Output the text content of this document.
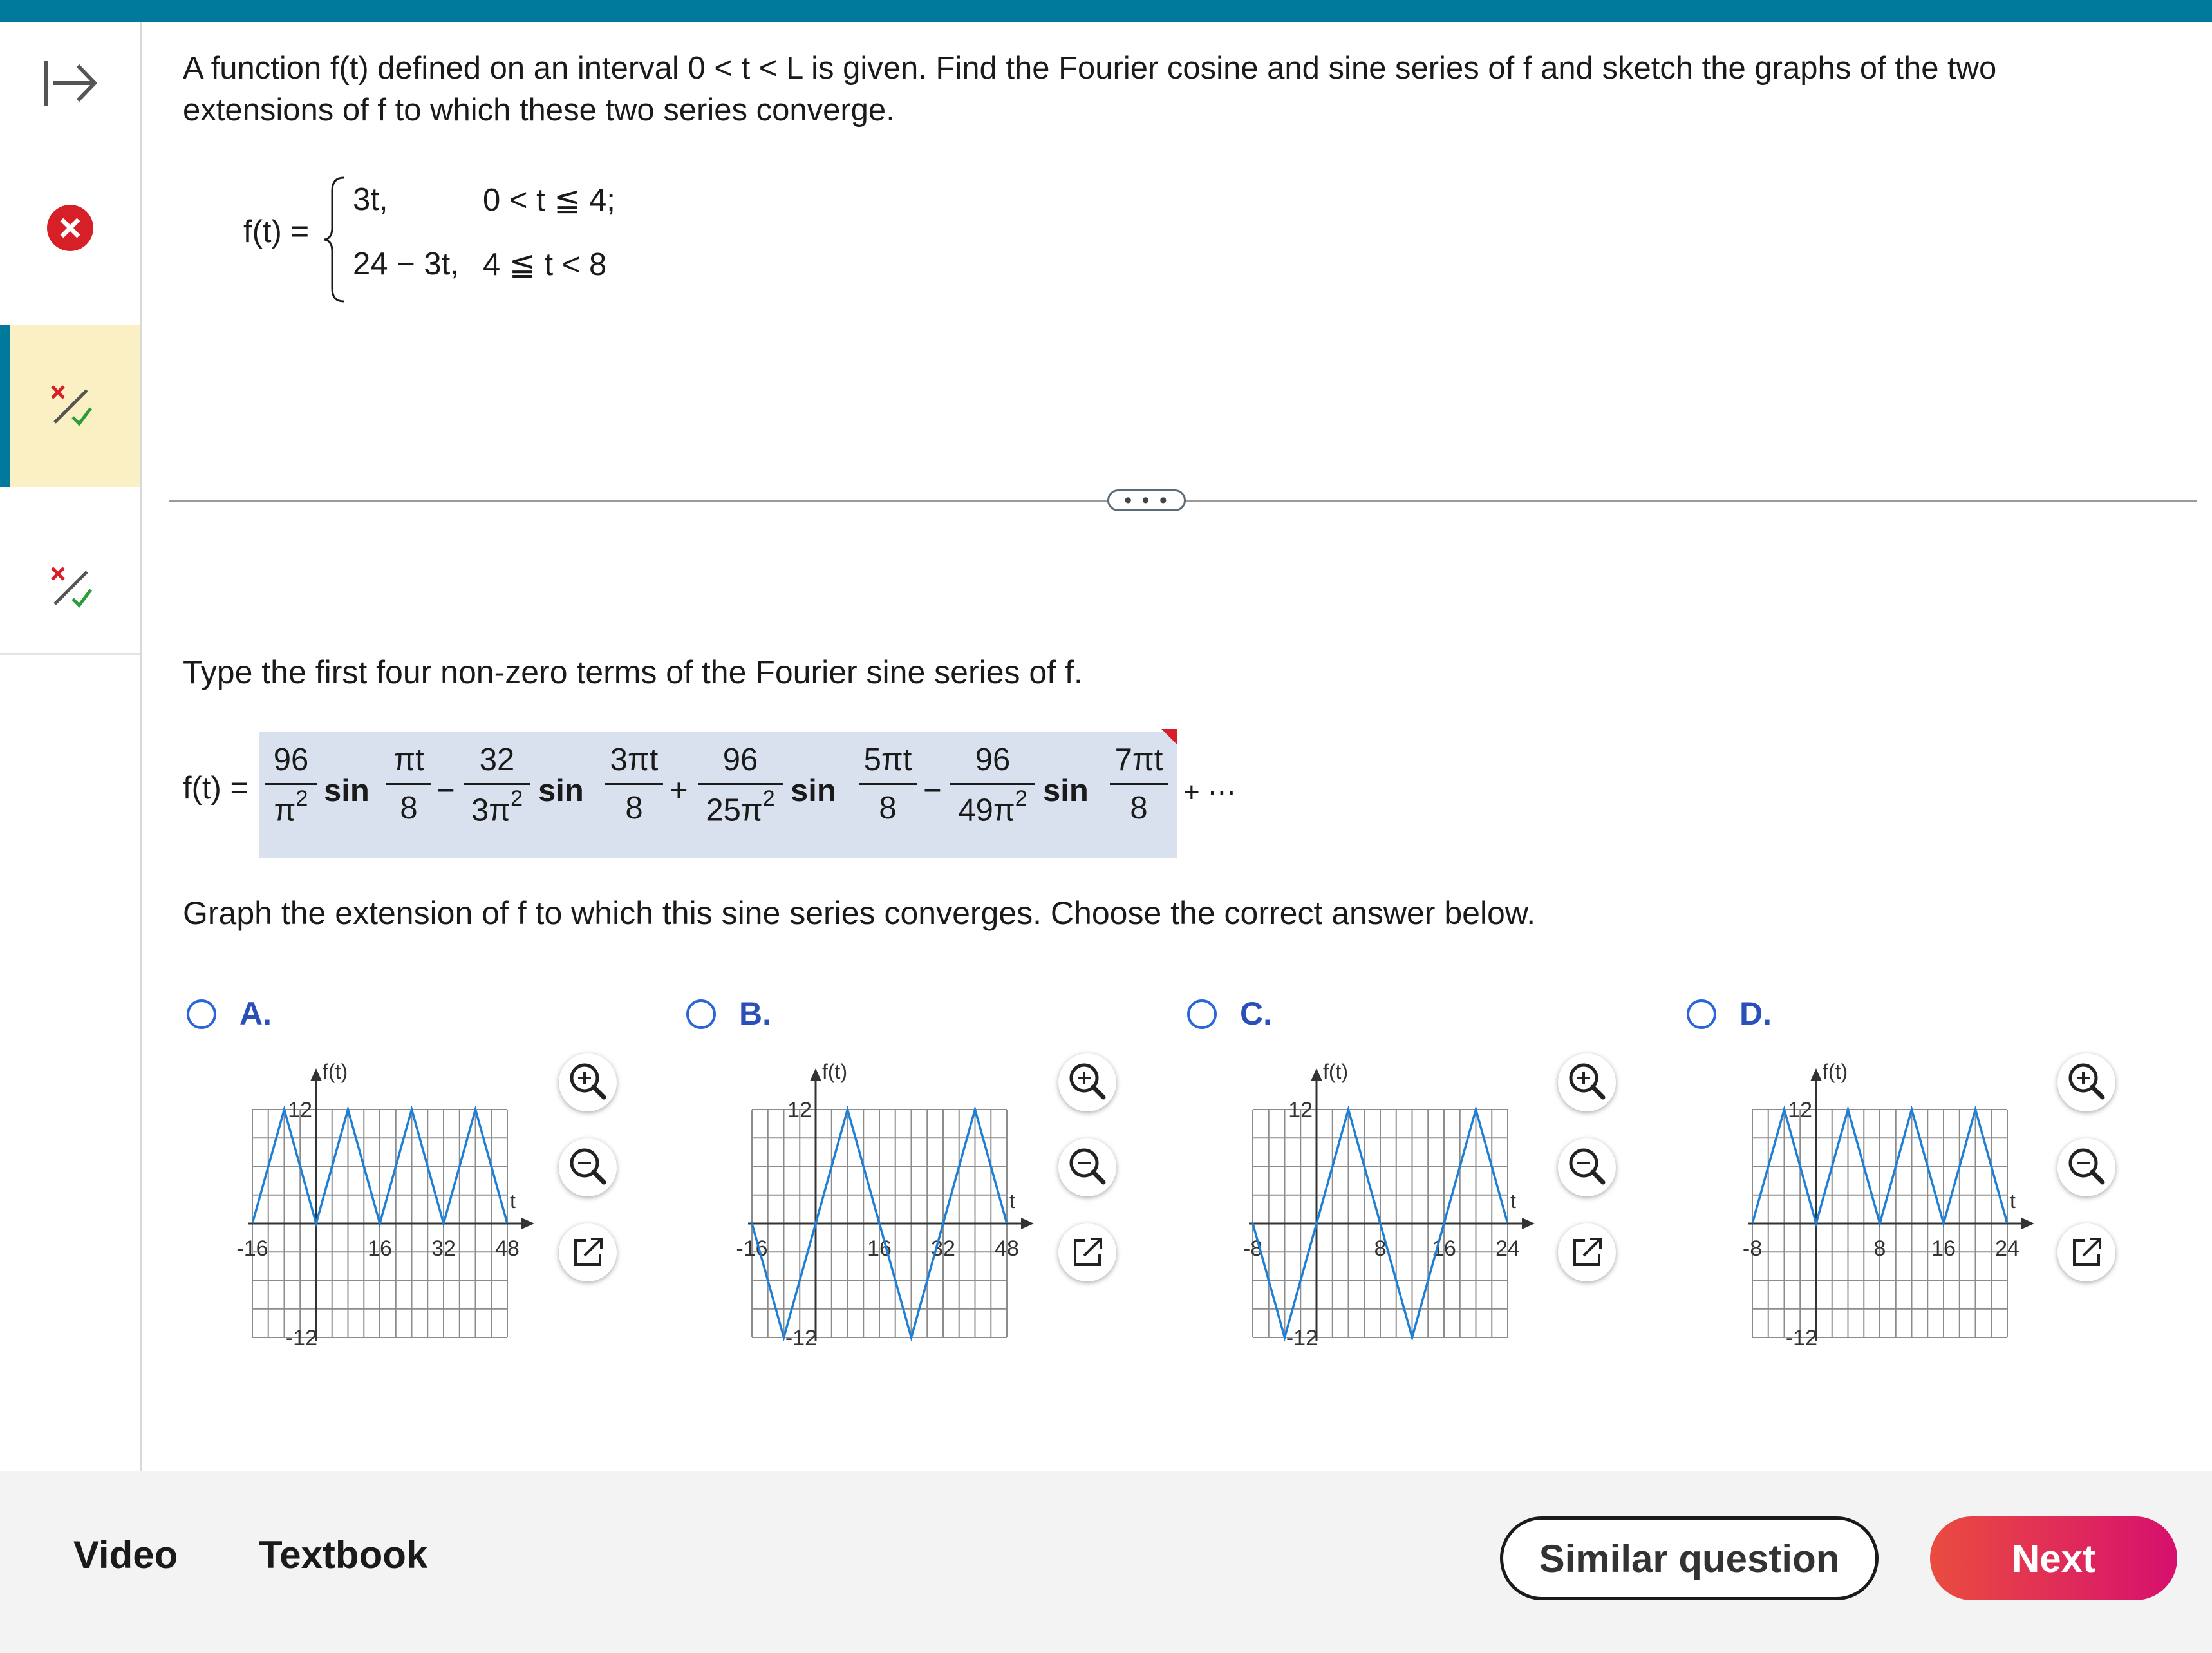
A function f(t) defined on an interval 0 < t < L is given. Find the Fourier cosine and sine series of f and sketch the graphs of the two extensions of f to which these two series converge.
f(t) =
3t,	0 < t ≦ 4;
24 − 3t, 4 ≦ t < 8
• • •
Type the first four non-zero terms of the Fourier sine series of f.
f(t) =
96
$\pi^2$ sin
πt
8 −
32
$3\pi^2$ sin
3πt
8 +
96
$25\pi^2$ sin
5πt
8 −
96
$49\pi^2$ sin
7πt
8	+ ⋯
Graph the extension of f to which this sine series converges. Choose the correct answer below.
A.	B.	C.	D.
f(t)
t
12
-12
-16	16 32 48
f(t)
t
12
-12
-16	16 32 48
f(t)
t
12
-12
-8	8 16 24
f(t)
t
12
-12
-8	8 16 24
Video Textbook	Similar question	Next
